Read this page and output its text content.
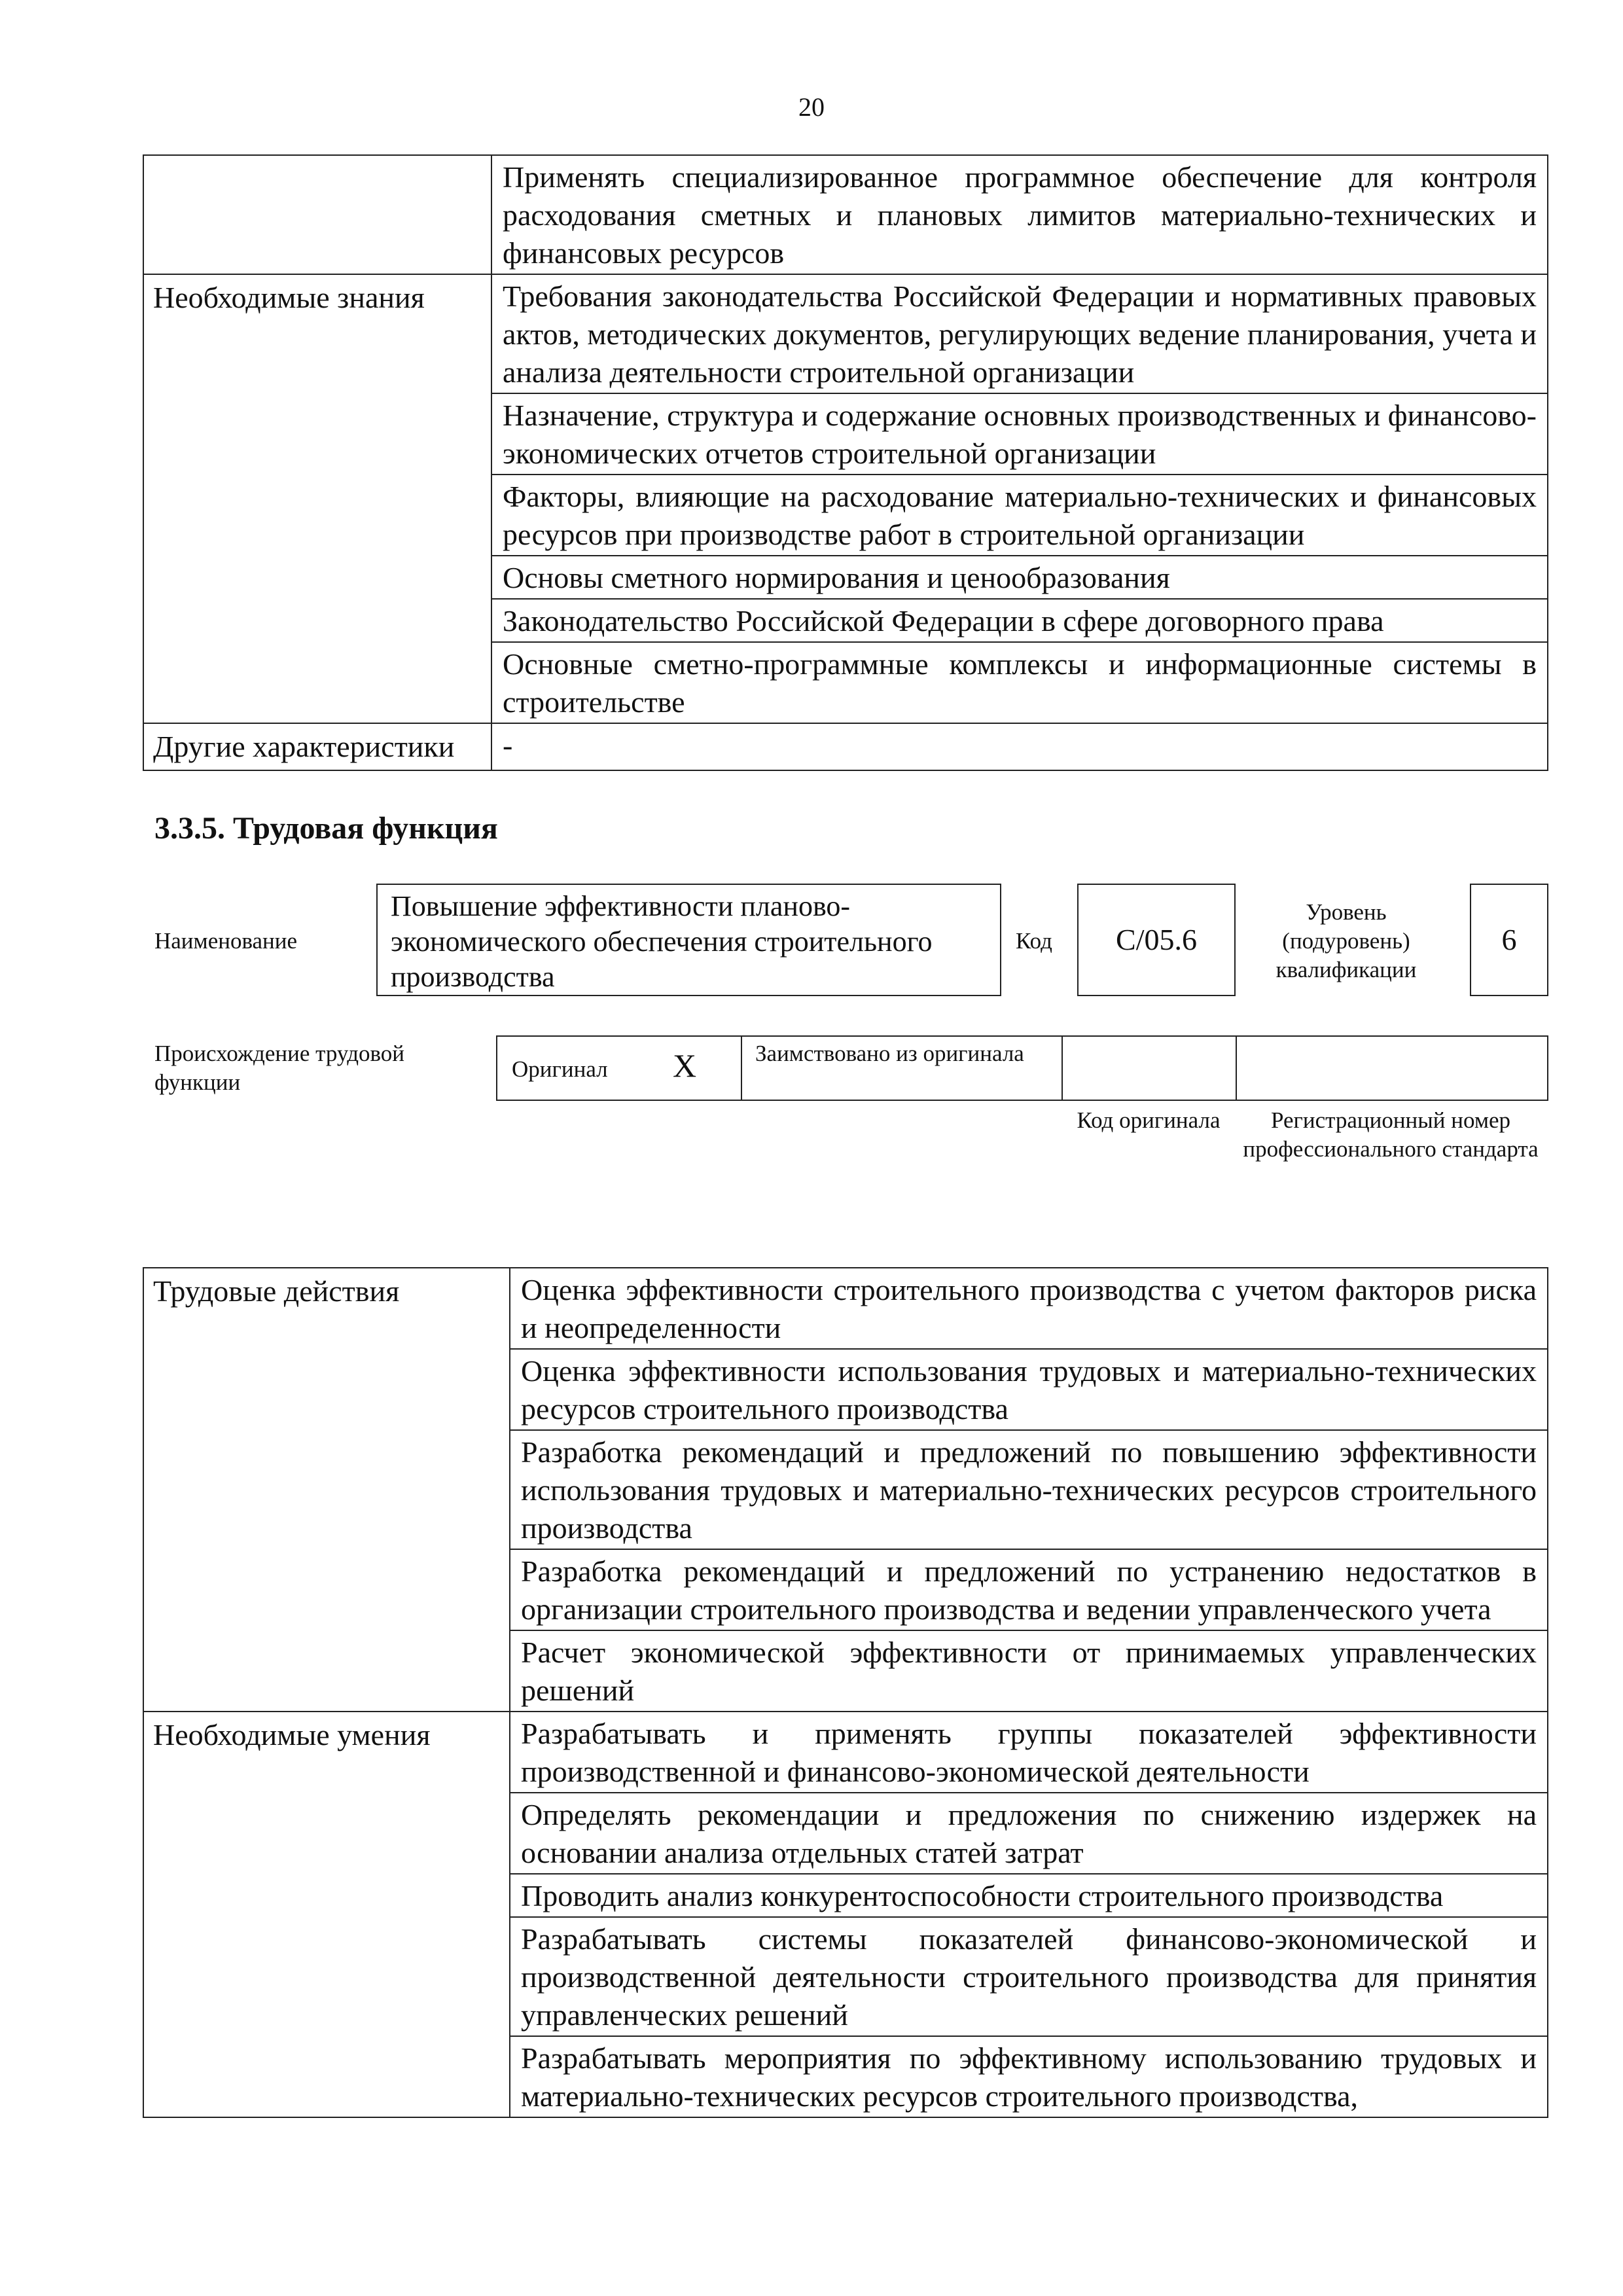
20
	Применять специализированное программное обеспечение для контроля расходования сметных и плановых лимитов материально-технических и финансовых ресурсов
Необходимые знания	Требования законодательства Российской Федерации и нормативных правовых актов, методических документов, регулирующих ведение планирования, учета и анализа деятельности строительной организации
	Назначение, структура и содержание основных производственных и финансово-экономических отчетов строительной организации
	Факторы, влияющие на расходование материально-технических и финансовых ресурсов при производстве работ в строительной организации
	Основы сметного нормирования и ценообразования
	Законодательство Российской Федерации в сфере договорного права
	Основные сметно-программные комплексы и информационные системы в строительстве
Другие характеристики	-
3.3.5. Трудовая функция
Наименование
Повышение эффективности планово-экономического обеспечения строительного производства
Код	С/05.6
Уровень (подуровень) квалификации
6
Происхождение трудовой функции
Оригинал X	Заимствовано из оригинала
Код оригинала	Регистрационный номер профессионального стандарта
Трудовые действия	Оценка эффективности строительного производства с учетом факторов риска и неопределенности
	Оценка эффективности использования трудовых и материально-технических ресурсов строительного производства
	Разработка рекомендаций и предложений по повышению эффективности использования трудовых и материально-технических ресурсов строительного производства
	Разработка рекомендаций и предложений по устранению недостатков в организации строительного производства и ведении управленческого учета
	Расчет экономической эффективности от принимаемых управленческих решений
Необходимые умения	Разрабатывать и применять группы показателей эффективности производственной и финансово-экономической деятельности
	Определять рекомендации и предложения по снижению издержек на основании анализа отдельных статей затрат
	Проводить анализ конкурентоспособности строительного производства
	Разрабатывать системы показателей финансово-экономической и производственной деятельности строительного производства для принятия управленческих решений
	Разрабатывать мероприятия по эффективному использованию трудовых и материально-технических ресурсов строительного производства,
